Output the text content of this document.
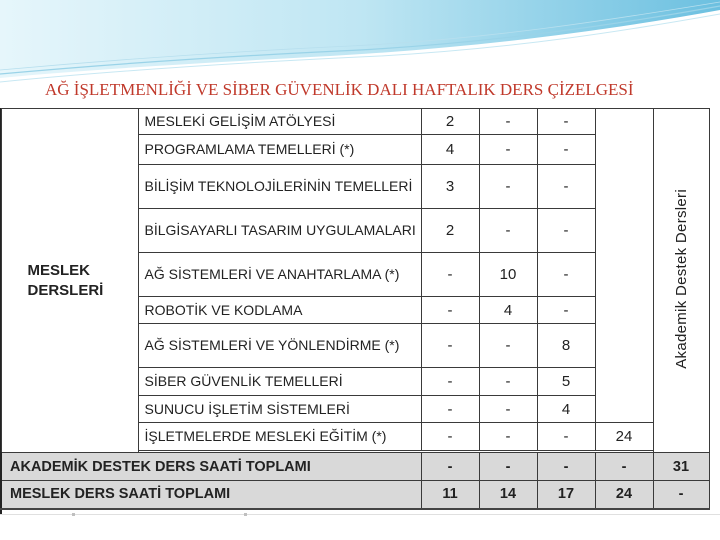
AĞ İŞLETMENLİĞİ VE SİBER GÜVENLİK DALI HAFTALIK DERS ÇİZELGESİ
MESLEK DERSLERİ	MESLEKİ GELİŞİM ATÖLYESİ	2	-	-		Akademik Destek Dersleri
	PROGRAMLAMA TEMELLERİ (*)	4	-	-		
	BİLİŞİM TEKNOLOJİLERİNİN TEMELLERİ	3	-	-		
	BİLGİSAYARLI TASARIM UYGULAMALARI	2	-	-		
	AĞ SİSTEMLERİ VE ANAHTARLAMA (*)	-	10	-		
	ROBOTİK VE KODLAMA	-	4	-		
	AĞ SİSTEMLERİ VE YÖNLENDİRME (*)	-	-	8		
	SİBER GÜVENLİK TEMELLERİ	-	-	5		
	SUNUCU İŞLETİM SİSTEMLERİ	-	-	4		
	İŞLETMELERDE MESLEKİ EĞİTİM (*)	-	-	-	24	

AKADEMİK DESTEK DERS SAATİ TOPLAMI		-	-	-	-	31
MESLEK DERS SAATİ TOPLAMI		11	14	17	24	-
